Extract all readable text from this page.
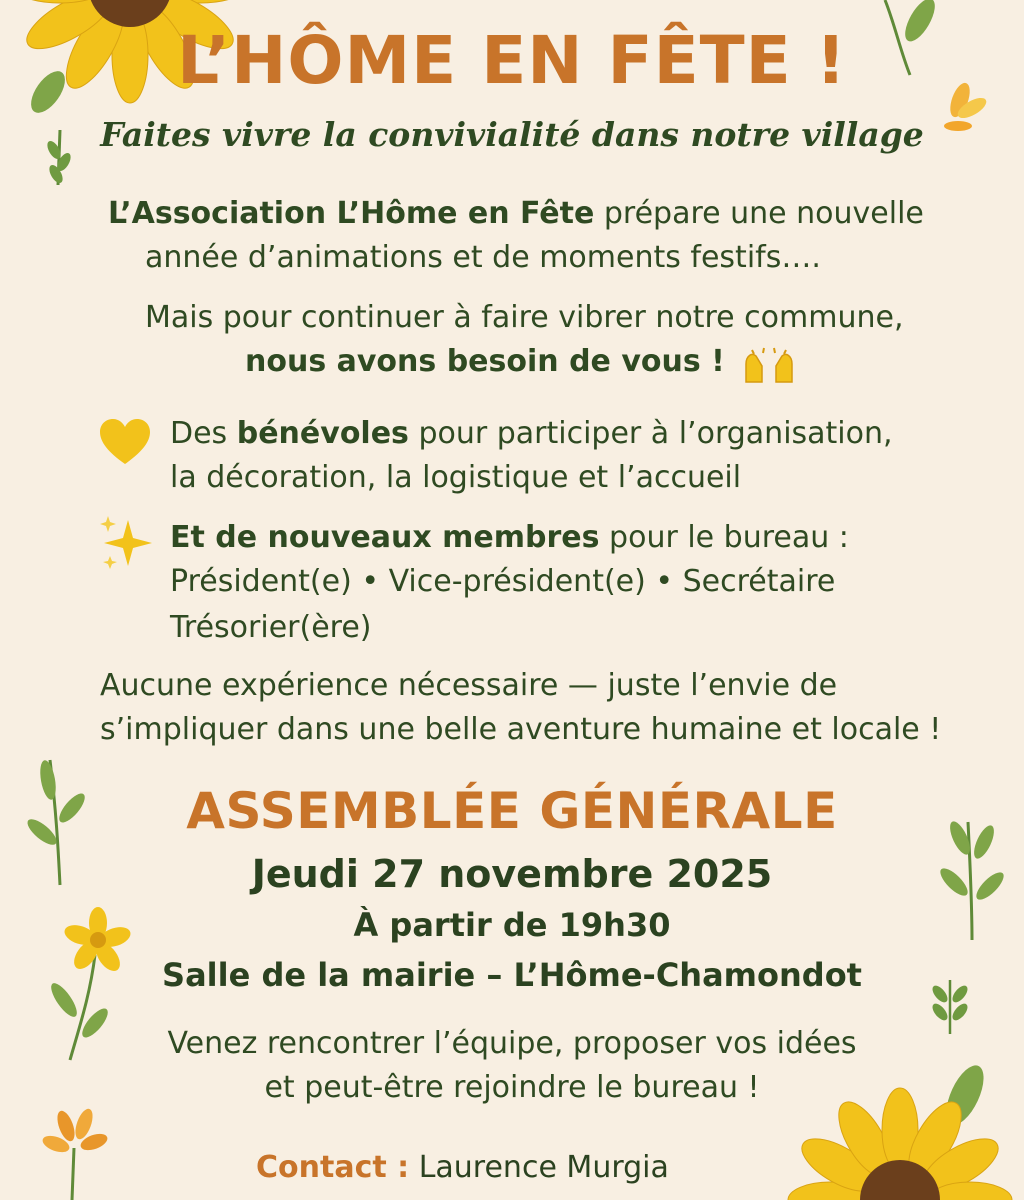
L’HÔME EN FÊTE !
Faites vivre la convivialité dans notre village
L’Association L’Hôme en Fête prépare une nouvelle
année d’animations et de moments festifs….
Mais pour continuer à faire vibrer notre commune,
nous avons besoin de vous !
Des bénévoles pour participer à l’organisation,
la décoration, la logistique et l’accueil
Et de nouveaux membres pour le bureau :
Président(e) • Vice-président(e) • Secrétaire
Trésorier(ère)
Aucune expérience nécessaire — juste l’envie de
s’impliquer dans une belle aventure humaine et locale !
ASSEMBLÉE GÉNÉRALE
Jeudi 27 novembre 2025
À partir de 19h30
Salle de la mairie – L’Hôme-Chamondot
Venez rencontrer l’équipe, proposer vos idées
et peut-être rejoindre le bureau !
Contact : Laurence Murgia
